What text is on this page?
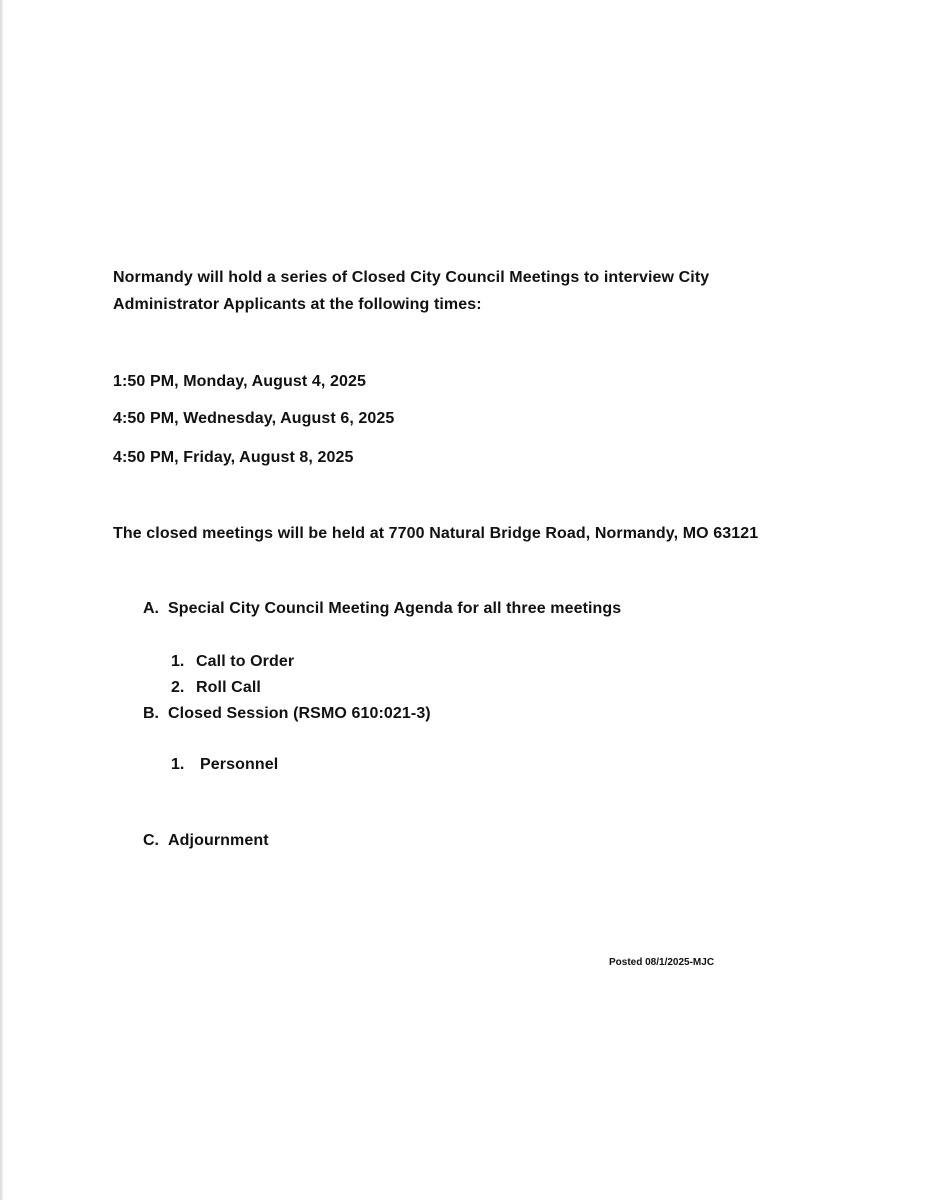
Normandy will hold a series of Closed City Council Meetings to interview City
Administrator Applicants at the following times:
1:50 PM, Monday, August 4, 2025
4:50 PM, Wednesday, August 6, 2025
4:50 PM, Friday, August 8, 2025
The closed meetings will be held at 7700 Natural Bridge Road, Normandy, MO 63121
A. Special City Council Meeting Agenda for all three meetings
1. Call to Order
2. Roll Call
B. Closed Session (RSMO 610:021-3)
1. Personnel
C. Adjournment
Posted 08/1/2025-MJC
